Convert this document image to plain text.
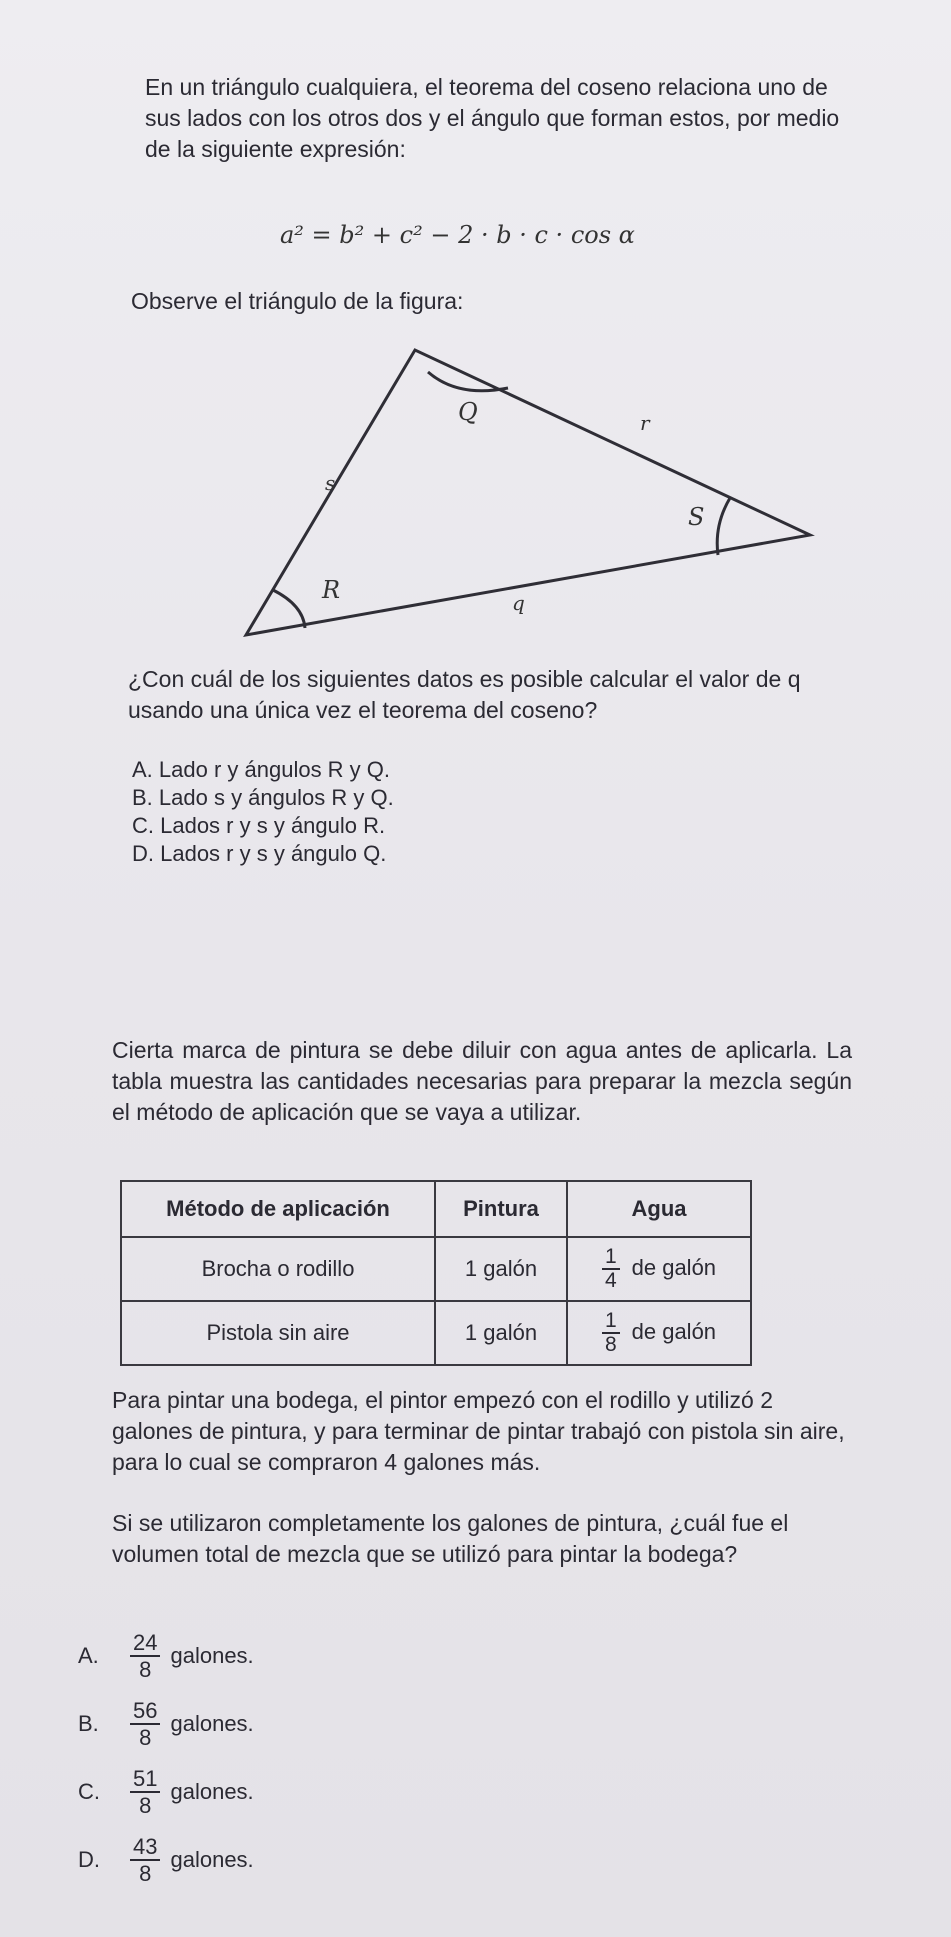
En un triángulo cualquiera, el teorema del coseno relaciona uno de sus lados con los otros dos y el ángulo que forman estos, por medio de la siguiente expresión:
a² = b² + c² − 2 · b · c · cos α
Observe el triángulo de la figura:
Q
S
R
r
s
q
¿Con cuál de los siguientes datos es posible calcular el valor de q usando una única vez el teorema del coseno?
A. Lado r y ángulos R y Q.
B. Lado s y ángulos R y Q.
C. Lados r y s y ángulo R.
D. Lados r y s y ángulo Q.
Cierta marca de pintura se debe diluir con agua antes de aplicarla. La tabla muestra las cantidades necesarias para preparar la mezcla según el método de aplicación que se vaya a utilizar.
Método de aplicación	Pintura	Agua
Brocha o rodillo	1 galón	$\frac{1}{4}$ de galón
Pistola sin aire	1 galón	$\frac{1}{8}$ de galón
Para pintar una bodega, el pintor empezó con el rodillo y utilizó 2 galones de pintura, y para terminar de pintar trabajó con pistola sin aire, para lo cual se compraron 4 galones más.
Si se utilizaron completamente los galones de pintura, ¿cuál fue el volumen total de mezcla que se utilizó para pintar la bodega?
A.	$\frac{24}{8}$ galones.
B.	$\frac{56}{8}$ galones.
C.	$\frac{51}{8}$ galones.
D.	$\frac{43}{8}$ galones.
